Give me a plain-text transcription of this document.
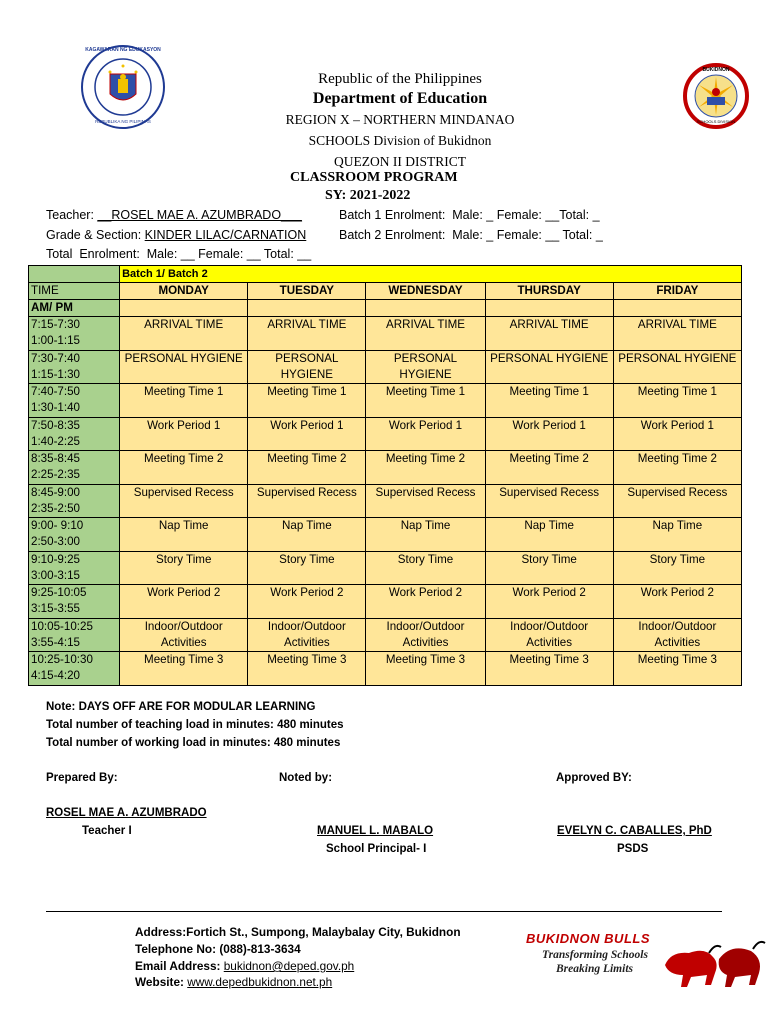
KAGAWARAN NG EDUKASYON
REPUBLIKA NG PILIPINAS
BUKIDNON
SCHOOLS DIVISION
Republic of the Philippines
Department of Education
REGION X – NORTHERN MINDANAO
SCHOOLS Division of Bukidnon
QUEZON II DISTRICT
CLASSROOM PROGRAM
SY: 2021-2022
Teacher: __ROSEL MAE A. AZUMBRADO___	Batch 1 Enrolment:  Male: _ Female: __Total: _
Grade & Section: KINDER LILAC/CARNATION	Batch 2 Enrolment:  Male: _ Female: __ Total: _
Total  Enrolment:  Male: __ Female: __ Total: __
	Batch 1/ Batch 2				
TIME	MONDAY	TUESDAY	WEDNESDAY	THURSDAY	FRIDAY
AM/ PM					

7:15-7:30
1:00-1:15	ARRIVAL TIME	ARRIVAL TIME	ARRIVAL TIME	ARRIVAL TIME	ARRIVAL TIME

7:30-7:40
1:15-1:30	PERSONAL HYGIENE	PERSONAL HYGIENE	PERSONAL HYGIENE	PERSONAL HYGIENE	PERSONAL HYGIENE

7:40-7:50
1:30-1:40	Meeting Time 1	Meeting Time 1	Meeting Time 1	Meeting Time 1	Meeting Time 1

7:50-8:35
1:40-2:25	Work Period 1	Work Period 1	Work Period 1	Work Period 1	Work Period 1

8:35-8:45
2:25-2:35	Meeting Time 2	Meeting Time 2	Meeting Time 2	Meeting Time 2	Meeting Time 2

8:45-9:00
2:35-2:50	Supervised Recess	Supervised Recess	Supervised Recess	Supervised Recess	Supervised Recess

9:00- 9:10
2:50-3:00	Nap Time	Nap Time	Nap Time	Nap Time	Nap Time

9:10-9:25
3:00-3:15	Story Time	Story Time	Story Time	Story Time	Story Time

9:25-10:05
3:15-3:55	Work Period 2	Work Period 2	Work Period 2	Work Period 2	Work Period 2

10:05-10:25
3:55-4:15	Indoor/Outdoor Activities	Indoor/Outdoor Activities	Indoor/Outdoor Activities	Indoor/Outdoor Activities	Indoor/Outdoor Activities

10:25-10:30
4:15-4:20	Meeting Time 3	Meeting Time 3	Meeting Time 3	Meeting Time 3	Meeting Time 3
Note: DAYS OFF ARE FOR MODULAR LEARNING
Total number of teaching load in minutes: 480 minutes
Total number of working load in minutes: 480 minutes
Prepared By:	Noted by:	Approved BY:
ROSEL MAE A. AZUMBRADO
Teacher I	MANUEL L. MABALO
School Principal- I
EVELYN C. CABALLES, PhD
PSDS
Address:Fortich St., Sumpong, Malaybalay City, Bukidnon
Telephone No: (088)-813-3634
Email Address: bukidnon@deped.gov.ph
Website: www.depedbukidnon.net.ph
BUKIDNON BULLS
Transforming Schools
Breaking Limits
